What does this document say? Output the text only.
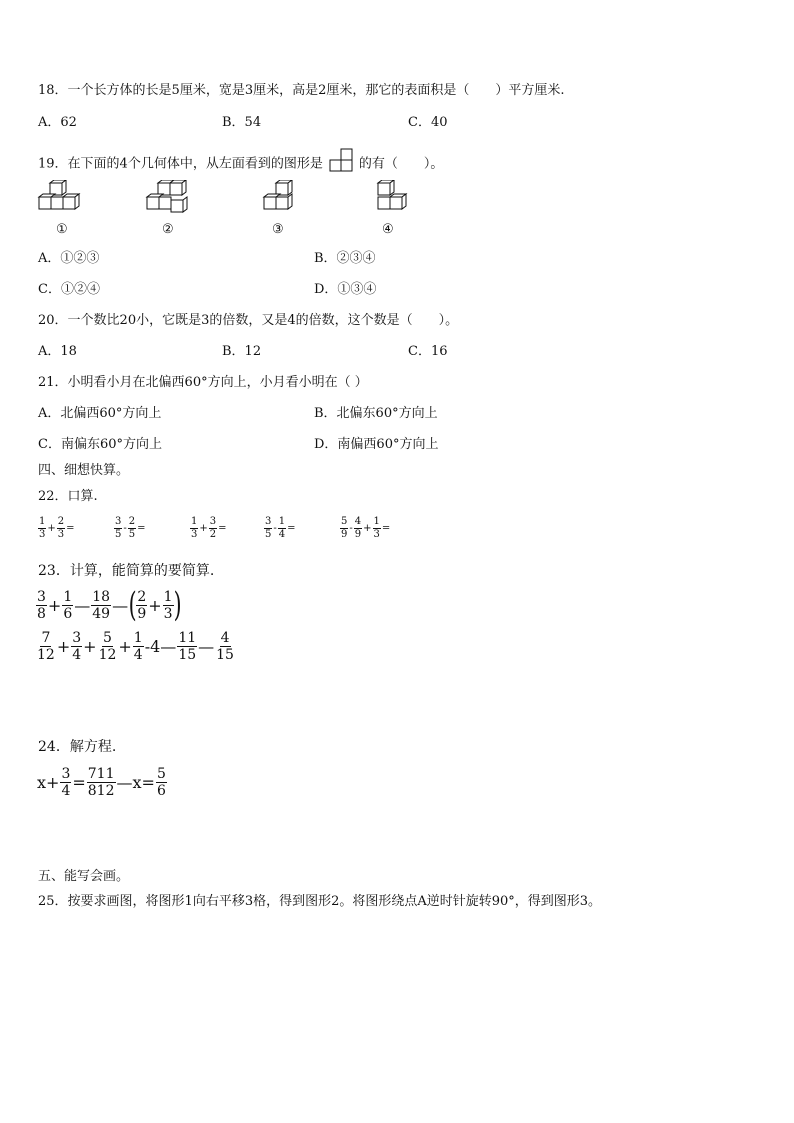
18．一个长方体的长是5厘米，宽是3厘米，高是2厘米，那它的表面积是（　　）平方厘米.
A．62	B．54	C．40
19．在下面的4个几何体中，从左面看到的图形是	的有（　　）。
①	②	③	④
A．①②③	B．②③④
C．①②④	D．①③④
20．一个数比20小，它既是3的倍数，又是4的倍数，这个数是（　　）。
A．18	B．12	C．16
21．小明看小月在北偏西60°方向上，小月看小明在（ ）
A．北偏西60°方向上	B．北偏东60°方向上
C．南偏东60°方向上	D．南偏西60°方向上
四、细想快算。
22．口算.
$\frac{1}{3} + \frac{2}{3}$ =	$\frac{3}{5} - \frac{2}{5}$ =	$\frac{1}{3} + \frac{3}{2}$ =	$\frac{3}{5} - \frac{1}{4}$ =	$\frac{5}{9} - \frac{4}{9} + \frac{1}{3}$ =
23．计算，能简算的要简算.
$\frac{3}{8} + \frac{1}{6}$ — $\frac{18}{49}$ —( $\frac{2}{9} + \frac{1}{3}$ )
$\frac{7}{12} + \frac{3}{4} + \frac{5}{12} + \frac{1}{4}$ -4— $\frac{11}{15}$ — $\frac{4}{15}$
24．解方程.
$x+ \frac{3}{4} = \frac{711}{812}$ —x= $\frac{5}{6}$
五、能写会画。
25．按要求画图，将图形1向右平移3格，得到图形2。将图形绕点A逆时针旋转90°，得到图形3。
